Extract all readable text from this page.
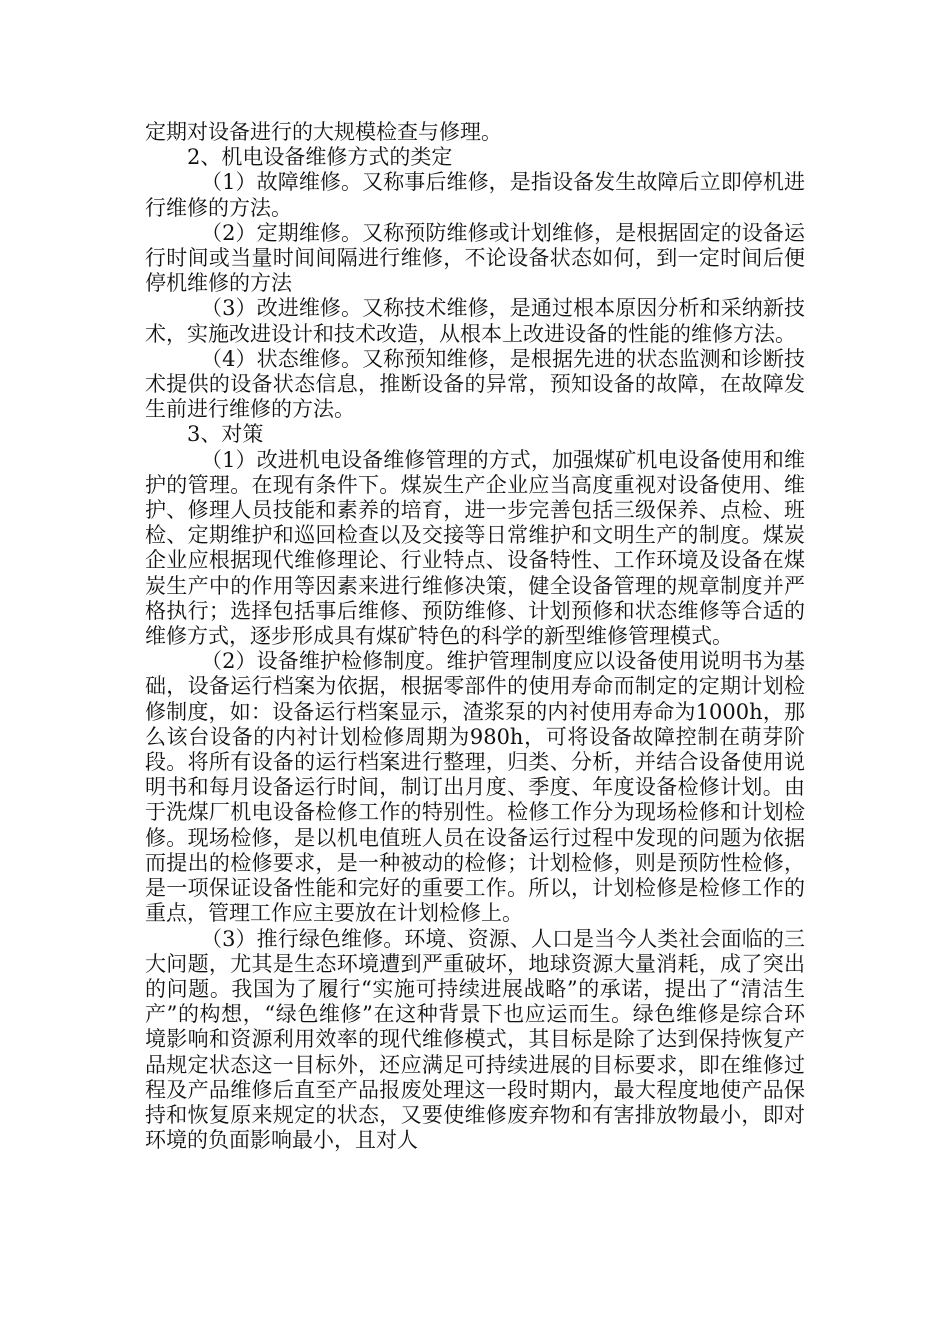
定期对设备进行的大规模检查与修理。

2、机电设备维修方式的类定

（1）故障维修。又称事后维修，是指设备发生故障后立即停机进行维修的方法。

（2）定期维修。又称预防维修或计划维修，是根据固定的设备运行时间或当量时间间隔进行维修，不论设备状态如何，到一定时间后便停机维修的方法

（3）改进维修。又称技术维修，是通过根本原因分析和采纳新技术，实施改进设计和技术改造，从根本上改进设备的性能的维修方法。

（4）状态维修。又称预知维修，是根据先进的状态监测和诊断技术提供的设备状态信息，推断设备的异常，预知设备的故障，在故障发生前进行维修的方法。

3、对策

（1）改进机电设备维修管理的方式，加强煤矿机电设备使用和维护的管理。在现有条件下。煤炭生产企业应当高度重视对设备使用、维护、修理人员技能和素养的培育，进一步完善包括三级保养、点检、班检、定期维护和巡回检查以及交接等日常维护和文明生产的制度。煤炭企业应根据现代维修理论、行业特点、设备特性、工作环境及设备在煤炭生产中的作用等因素来进行维修决策，健全设备管理的规章制度并严格执行；选择包括事后维修、预防维修、计划预修和状态维修等合适的维修方式，逐步形成具有煤矿特色的科学的新型维修管理模式。

（2）设备维护检修制度。维护管理制度应以设备使用说明书为基础，设备运行档案为依据，根据零部件的使用寿命而制定的定期计划检修制度，如：设备运行档案显示，渣浆泵的内衬使用寿命为1000h，那么该台设备的内衬计划检修周期为980h，可将设备故障控制在萌芽阶段。将所有设备的运行档案进行整理，归类、分析，并结合设备使用说明书和每月设备运行时间，制订出月度、季度、年度设备检修计划。由于洗煤厂机电设备检修工作的特别性。检修工作分为现场检修和计划检修。现场检修，是以机电值班人员在设备运行过程中发现的问题为依据而提出的检修要求，是一种被动的检修；计划检修，则是预防性检修，是一项保证设备性能和完好的重要工作。所以，计划检修是检修工作的重点，管理工作应主要放在计划检修上。

（3）推行绿色维修。环境、资源、人口是当今人类社会面临的三大问题，尤其是生态环境遭到严重破坏，地球资源大量消耗，成了突出的问题。我国为了履行“实施可持续进展战略”的承诺，提出了“清洁生产”的构想，“绿色维修”在这种背景下也应运而生。绿色维修是综合环境影响和资源利用效率的现代维修模式，其目标是除了达到保持恢复产品规定状态这一目标外，还应满足可持续进展的目标要求，即在维修过程及产品维修后直至产品报废处理这一段时期内，最大程度地使产品保持和恢复原来规定的状态，又要使维修废弃物和有害排放物最小，即对环境的负面影响最小，且对人
